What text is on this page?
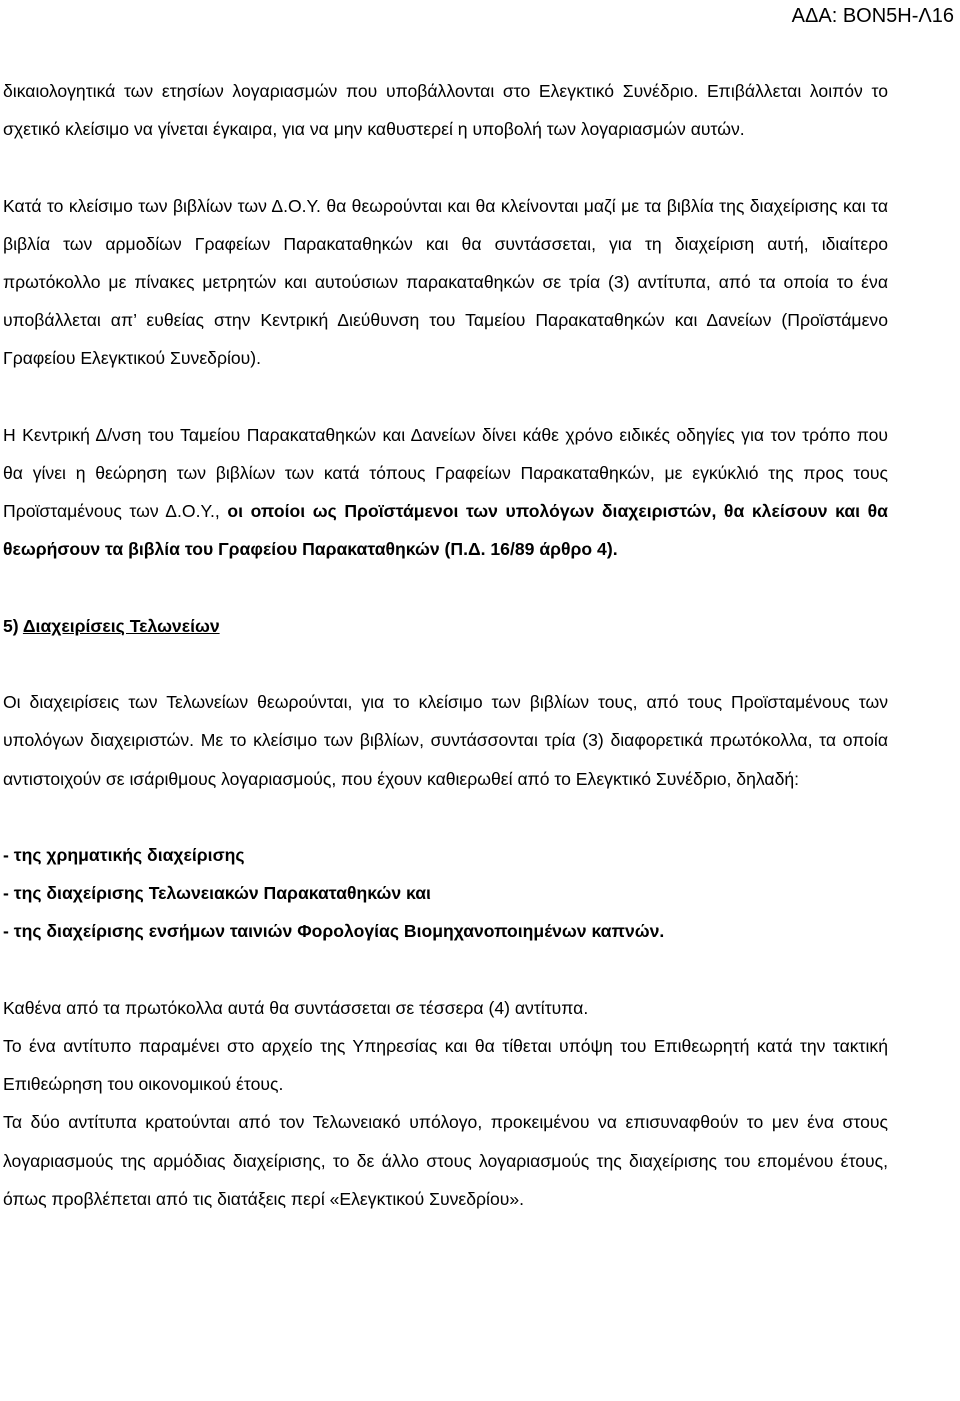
ΑΔΑ: ΒΟΝ5Η-Λ16

δικαιολογητικά των ετησίων λογαριασμών που υποβάλλονται στο Ελεγκτικό Συνέδριο. Επιβάλλεται λοιπόν το σχετικό κλείσιμο να γίνεται έγκαιρα, για να μην καθυστερεί η υποβολή των λογαριασμών αυτών.

Κατά το κλείσιμο των βιβλίων των Δ.Ο.Υ. θα θεωρούνται και θα κλείνονται μαζί με τα βιβλία της διαχείρισης και τα βιβλία των αρμοδίων Γραφείων Παρακαταθηκών και θα συντάσσεται, για τη διαχείριση αυτή, ιδιαίτερο πρωτόκολλο με πίνακες μετρητών και αυτούσιων παρακαταθηκών σε τρία (3) αντίτυπα, από τα οποία το ένα υποβάλλεται απ’ ευθείας στην Κεντρική Διεύθυνση του Ταμείου Παρακαταθηκών και Δανείων (Προϊστάμενο Γραφείου Ελεγκτικού Συνεδρίου).

Η Κεντρική Δ/νση του Ταμείου Παρακαταθηκών και Δανείων δίνει κάθε χρόνο ειδικές οδηγίες για τον τρόπο που θα γίνει η θεώρηση των βιβλίων των κατά τόπους Γραφείων Παρακαταθηκών, με εγκύκλιό της προς τους Προϊσταμένους των Δ.Ο.Υ., οι οποίοι ως Προϊστάμενοι των υπολόγων διαχειριστών, θα κλείσουν και θα θεωρήσουν τα βιβλία του Γραφείου Παρακαταθηκών (Π.Δ. 16/89 άρθρο 4).

5) Διαχειρίσεις Τελωνείων

Οι διαχειρίσεις των Τελωνείων θεωρούνται, για το κλείσιμο των βιβλίων τους, από τους Προϊσταμένους των υπολόγων διαχειριστών. Με το κλείσιμο των βιβλίων, συντάσσονται τρία (3) διαφορετικά πρωτόκολλα, τα οποία αντιστοιχούν σε ισάριθμους λογαριασμούς, που έχουν καθιερωθεί από το Ελεγκτικό Συνέδριο, δηλαδή:

- της χρηματικής διαχείρισης

- της διαχείρισης Τελωνειακών Παρακαταθηκών και

- της διαχείρισης ενσήμων ταινιών Φορολογίας Βιομηχανοποιημένων καπνών.

Καθένα από τα πρωτόκολλα αυτά θα συντάσσεται σε τέσσερα (4) αντίτυπα.

Το ένα αντίτυπο παραμένει στο αρχείο της Υπηρεσίας και θα τίθεται υπόψη του Επιθεωρητή κατά την τακτική Επιθεώρηση του οικονομικού έτους.

Τα δύο αντίτυπα κρατούνται από τον Τελωνειακό υπόλογο, προκειμένου να επισυναφθούν το μεν ένα στους λογαριασμούς της αρμόδιας διαχείρισης, το δε άλλο στους λογαριασμούς της διαχείρισης του επομένου έτους, όπως προβλέπεται από τις διατάξεις περί «Ελεγκτικού Συνεδρίου».
